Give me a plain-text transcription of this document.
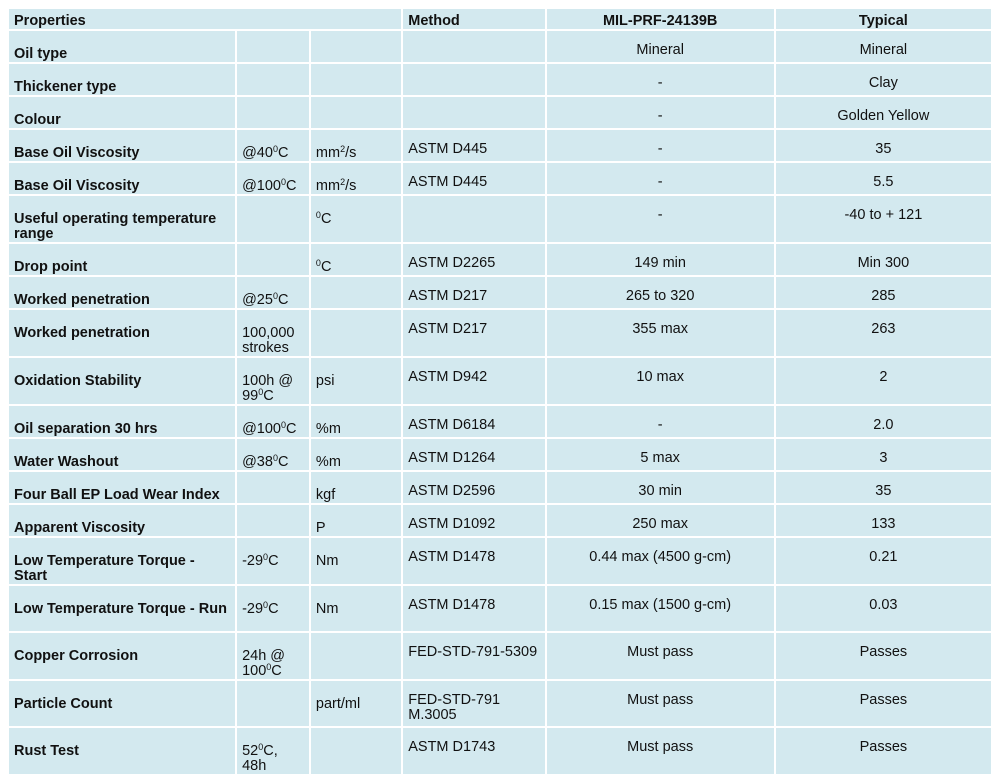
Properties			Method	MIL-PRF-24139B	Typical
Oil type				Mineral	Mineral
Thickener type				-	Clay
Colour				-	Golden Yellow
Base Oil Viscosity	$@40^0C$	$mm^2/s$	ASTM D445	-	35
Base Oil Viscosity	$@100^0C$	$mm^2/s$	ASTM D445	-	5.5
Useful operating temperature range		$^0$C		-	-40 to + 121
Drop point		$^0$C	ASTM D2265	149 min	Min 300
Worked penetration	$@25^0C$		ASTM D217	265 to 320	285
Worked penetration	100,000 strokes		ASTM D217	355 max	263
Oxidation Stability	100h @ $99^0C$	psi	ASTM D942	10 max	2
Oil separation 30 hrs	$@100^0C$	%m	ASTM D6184	-	2.0
Water Washout	$@38^0C$	%m	ASTM D1264	5 max	3
Four Ball EP Load Wear Index		kgf	ASTM D2596	30 min	35
Apparent Viscosity		P	ASTM D1092	250 max	133
Low Temperature Torque - Start	$-29^0C$	Nm	ASTM D1478	0.44 max (4500 g-cm)	0.21
Low Temperature Torque - Run	$-29^0C$	Nm	ASTM D1478	0.15 max (1500 g-cm)	0.03
Copper Corrosion	24h @ $100^0C$		FED-STD-791-5309	Must pass	Passes
Particle Count		part/ml	FED-STD-791 M.3005	Must pass	Passes
Rust Test	$52^0C$, 48h		ASTM D1743	Must pass	Passes
